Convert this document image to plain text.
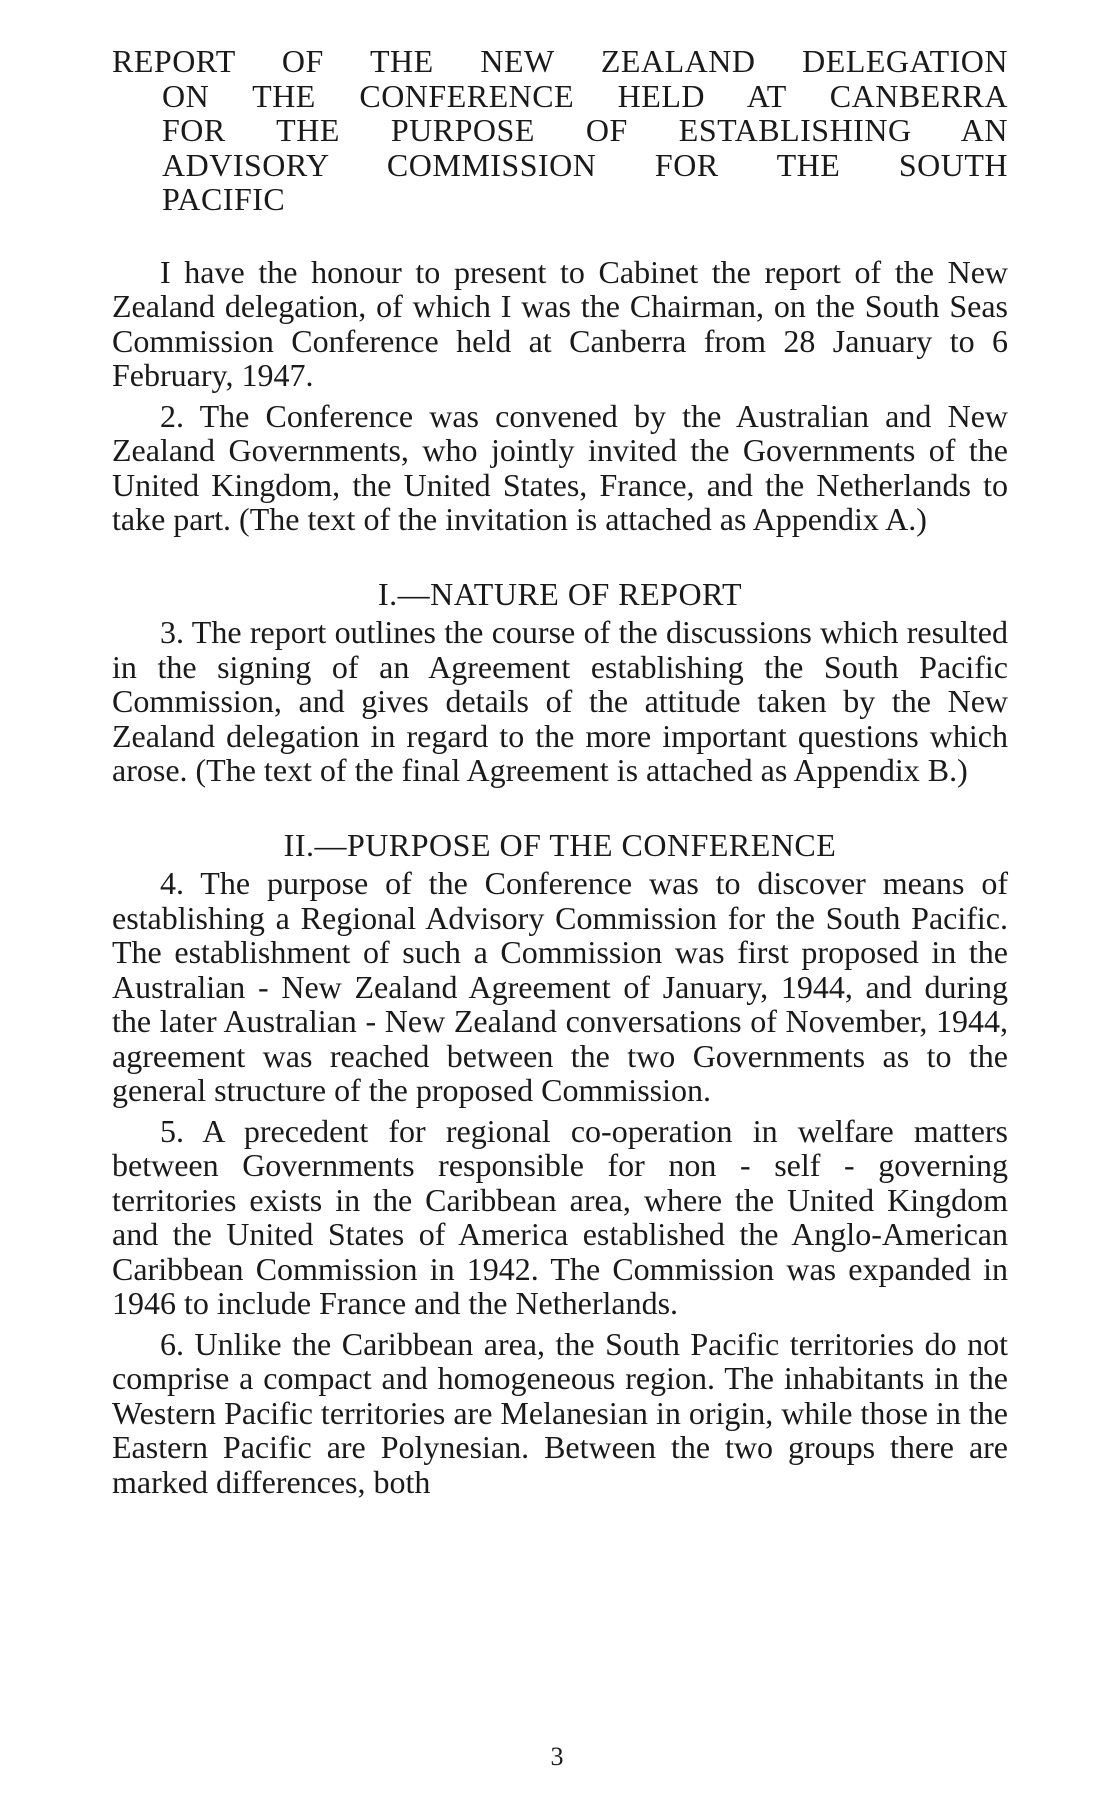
REPORT OF THE NEW ZEALAND DELEGATION
ON THE CONFERENCE HELD AT CANBERRA
FOR THE PURPOSE OF ESTABLISHING AN
ADVISORY COMMISSION FOR THE SOUTH
PACIFIC

I have the honour to present to Cabinet the report of the New Zealand delegation, of which I was the Chairman, on the South Seas Commission Conference held at Canberra from 28 January to 6 February, 1947.

2. The Conference was convened by the Australian and New Zealand Governments, who jointly invited the Governments of the United Kingdom, the United States, France, and the Netherlands to take part. (The text of the invitation is attached as Appendix A.)

I.—NATURE OF REPORT

3. The report outlines the course of the discussions which resulted in the signing of an Agreement establishing the South Pacific Commission, and gives details of the attitude taken by the New Zealand delegation in regard to the more important questions which arose. (The text of the final Agreement is attached as Appendix B.)

II.—PURPOSE OF THE CONFERENCE

4. The purpose of the Conference was to discover means of establishing a Regional Advisory Commission for the South Pacific. The establishment of such a Commission was first proposed in the Australian - New Zealand Agreement of January, 1944, and during the later Australian - New Zealand conversations of November, 1944, agreement was reached between the two Governments as to the general structure of the proposed Commission.

5. A precedent for regional co-operation in welfare matters between Governments responsible for non - self - governing territories exists in the Caribbean area, where the United Kingdom and the United States of America established the Anglo-American Caribbean Commission in 1942. The Commission was expanded in 1946 to include France and the Netherlands.

6. Unlike the Caribbean area, the South Pacific territories do not comprise a compact and homogeneous region. The inhabitants in the Western Pacific territories are Melanesian in origin, while those in the Eastern Pacific are Polynesian. Between the two groups there are marked differences, both

3
